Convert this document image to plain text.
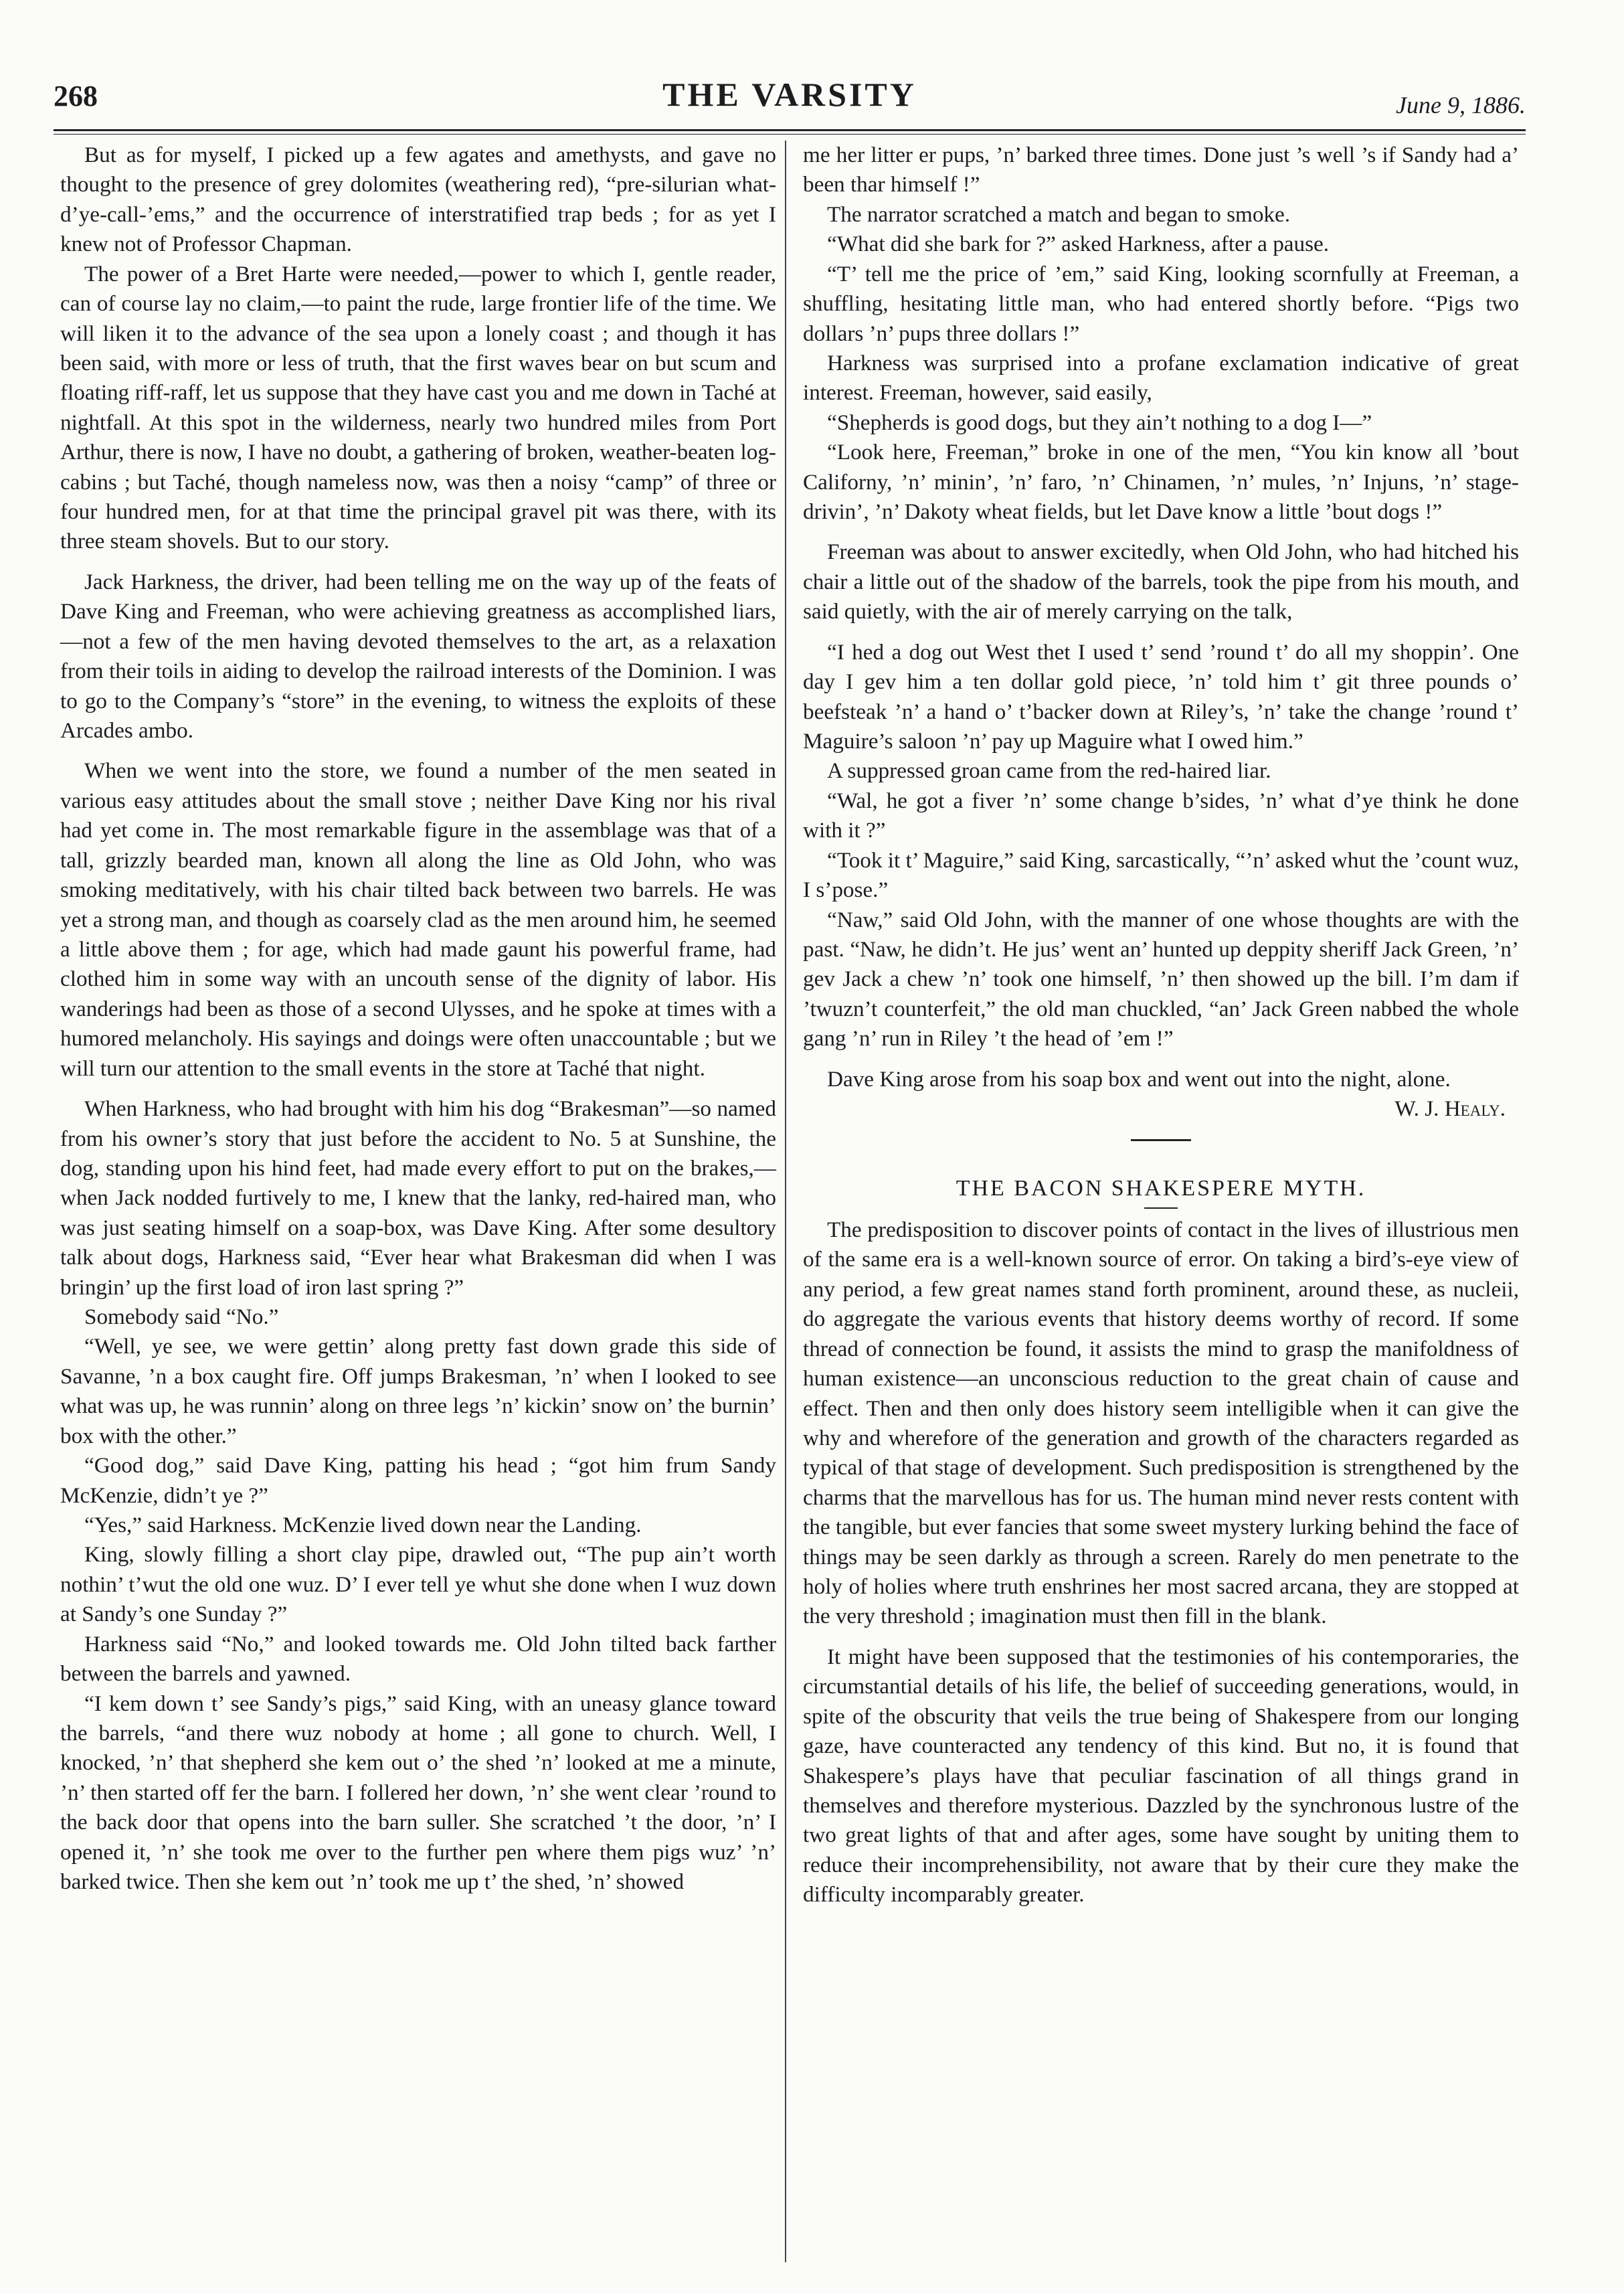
268	THE VARSITY	June 9, 1886.

But as for myself, I picked up a few agates and amethysts, and gave no thought to the presence of grey dolomites (weathering red), “pre-silurian what-d’ye-call-’ems,” and the occurrence of interstratified trap beds ; for as yet I knew not of Professor Chapman.

The power of a Bret Harte were needed,—power to which I, gentle reader, can of course lay no claim,—to paint the rude, large frontier life of the time. We will liken it to the advance of the sea upon a lonely coast ; and though it has been said, with more or less of truth, that the first waves bear on but scum and floating riff-raff, let us suppose that they have cast you and me down in Taché at nightfall. At this spot in the wilderness, nearly two hundred miles from Port Arthur, there is now, I have no doubt, a gathering of broken, weather-beaten log-cabins ; but Taché, though nameless now, was then a noisy “camp” of three or four hundred men, for at that time the principal gravel pit was there, with its three steam shovels. But to our story.

Jack Harkness, the driver, had been telling me on the way up of the feats of Dave King and Freeman, who were achieving greatness as accomplished liars,—not a few of the men having devoted themselves to the art, as a relaxation from their toils in aiding to develop the railroad interests of the Dominion. I was to go to the Company’s “store” in the evening, to witness the exploits of these Arcades ambo.

When we went into the store, we found a number of the men seated in various easy attitudes about the small stove ; neither Dave King nor his rival had yet come in. The most remarkable figure in the assemblage was that of a tall, grizzly bearded man, known all along the line as Old John, who was smoking meditatively, with his chair tilted back between two barrels. He was yet a strong man, and though as coarsely clad as the men around him, he seemed a little above them ; for age, which had made gaunt his powerful frame, had clothed him in some way with an uncouth sense of the dignity of labor. His wanderings had been as those of a second Ulysses, and he spoke at times with a humored melancholy. His sayings and doings were often unaccountable ; but we will turn our attention to the small events in the store at Taché that night.

When Harkness, who had brought with him his dog “Brakesman”—so named from his owner’s story that just before the accident to No. 5 at Sunshine, the dog, standing upon his hind feet, had made every effort to put on the brakes,—when Jack nodded furtively to me, I knew that the lanky, red-haired man, who was just seating himself on a soap-box, was Dave King. After some desultory talk about dogs, Harkness said, “Ever hear what Brakesman did when I was bringin’ up the first load of iron last spring ?”

Somebody said “No.”

“Well, ye see, we were gettin’ along pretty fast down grade this side of Savanne, ’n a box caught fire. Off jumps Brakesman, ’n’ when I looked to see what was up, he was runnin’ along on three legs ’n’ kickin’ snow on’ the burnin’ box with the other.”

“Good dog,” said Dave King, patting his head ; “got him frum Sandy McKenzie, didn’t ye ?”

“Yes,” said Harkness. McKenzie lived down near the Landing.

King, slowly filling a short clay pipe, drawled out, “The pup ain’t worth nothin’ t’wut the old one wuz. D’ I ever tell ye whut she done when I wuz down at Sandy’s one Sunday ?”

Harkness said “No,” and looked towards me. Old John tilted back farther between the barrels and yawned.

“I kem down t’ see Sandy’s pigs,” said King, with an uneasy glance toward the barrels, “and there wuz nobody at home ; all gone to church. Well, I knocked, ’n’ that shepherd she kem out o’ the shed ’n’ looked at me a minute, ’n’ then started off fer the barn. I follered her down, ’n’ she went clear ’round to the back door that opens into the barn suller. She scratched ’t the door, ’n’ I opened it, ’n’ she took me over to the further pen where them pigs wuz’ ’n’ barked twice. Then she kem out ’n’ took me up t’ the shed, ’n’ showed

me her litter er pups, ’n’ barked three times. Done just ’s well ’s if Sandy had a’ been thar himself !”

The narrator scratched a match and began to smoke.

“What did she bark for ?” asked Harkness, after a pause.

“T’ tell me the price of ’em,” said King, looking scornfully at Freeman, a shuffling, hesitating little man, who had entered shortly before. “Pigs two dollars ’n’ pups three dollars !”

Harkness was surprised into a profane exclamation indicative of great interest. Freeman, however, said easily,

“Shepherds is good dogs, but they ain’t nothing to a dog I—”

“Look here, Freeman,” broke in one of the men, “You kin know all ’bout Californy, ’n’ minin’, ’n’ faro, ’n’ Chinamen, ’n’ mules, ’n’ Injuns, ’n’ stage-drivin’, ’n’ Dakoty wheat fields, but let Dave know a little ’bout dogs !”

Freeman was about to answer excitedly, when Old John, who had hitched his chair a little out of the shadow of the barrels, took the pipe from his mouth, and said quietly, with the air of merely carrying on the talk,

“I hed a dog out West thet I used t’ send ’round t’ do all my shoppin’. One day I gev him a ten dollar gold piece, ’n’ told him t’ git three pounds o’ beefsteak ’n’ a hand o’ t’backer down at Riley’s, ’n’ take the change ’round t’ Maguire’s saloon ’n’ pay up Maguire what I owed him.”

A suppressed groan came from the red-haired liar.

“Wal, he got a fiver ’n’ some change b’sides, ’n’ what d’ye think he done with it ?”

“Took it t’ Maguire,” said King, sarcastically, “’n’ asked whut the ’count wuz, I s’pose.”

“Naw,” said Old John, with the manner of one whose thoughts are with the past. “Naw, he didn’t. He jus’ went an’ hunted up deppity sheriff Jack Green, ’n’ gev Jack a chew ’n’ took one himself, ’n’ then showed up the bill. I’m dam if ’twuzn’t counterfeit,” the old man chuckled, “an’ Jack Green nabbed the whole gang ’n’ run in Riley ’t the head of ’em !”

Dave King arose from his soap box and went out into the night, alone.

W. J. Healy.
THE BACON SHAKESPERE MYTH.

The predisposition to discover points of contact in the lives of illustrious men of the same era is a well-known source of error. On taking a bird’s-eye view of any period, a few great names stand forth prominent, around these, as nucleii, do aggregate the various events that history deems worthy of record. If some thread of connection be found, it assists the mind to grasp the manifoldness of human existence—an unconscious reduction to the great chain of cause and effect. Then and then only does history seem intelligible when it can give the why and wherefore of the generation and growth of the characters regarded as typical of that stage of development. Such predisposition is strengthened by the charms that the marvellous has for us. The human mind never rests content with the tangible, but ever fancies that some sweet mystery lurking behind the face of things may be seen darkly as through a screen. Rarely do men penetrate to the holy of holies where truth enshrines her most sacred arcana, they are stopped at the very threshold ; imagination must then fill in the blank.

It might have been supposed that the testimonies of his contemporaries, the circumstantial details of his life, the belief of succeeding generations, would, in spite of the obscurity that veils the true being of Shakespere from our longing gaze, have counteracted any tendency of this kind. But no, it is found that Shakespere’s plays have that peculiar fascination of all things grand in themselves and therefore mysterious. Dazzled by the synchronous lustre of the two great lights of that and after ages, some have sought by uniting them to reduce their incomprehensibility, not aware that by their cure they make the difficulty incomparably greater.
